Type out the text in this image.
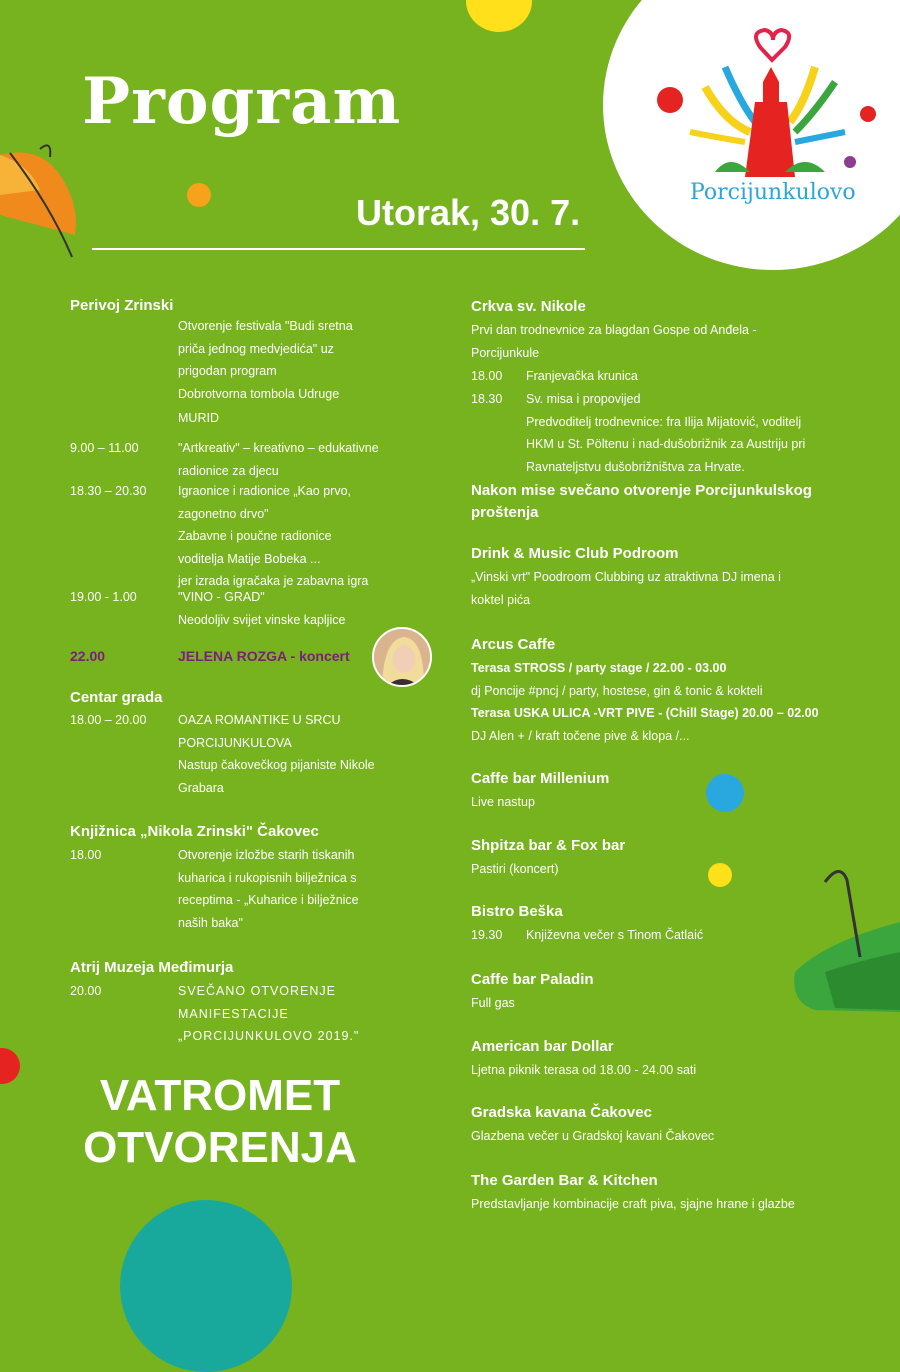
Program
Utorak, 30. 7.	Porcijunkulovo
Perivoj Zrinski
Otvorenje festivala "Budi sretna
priča jednog medvjedića" uz
prigodan program
Dobrotvorna tombola Udruge
MURID
9.00 – 11.00	"Artkreativ" – kreativno – edukativne
radionice za djecu
18.30 – 20.30	Igraonice i radionice „Kao prvo,
zagonetno drvo"
Zabavne i poučne radionice
voditelja Matije Bobeka ...
jer izrada igračaka je zabavna igra
19.00 - 1.00	"VINO - GRAD"
Neodoljiv svijet vinske kapljice
22.00	JELENA ROZGA - koncert
Centar grada
18.00 – 20.00	OAZA ROMANTIKE U SRCU
PORCIJUNKULOVA
Nastup čakovečkog pijaniste Nikole
Grabara
Knjižnica „Nikola Zrinski" Čakovec
18.00	Otvorenje izložbe starih tiskanih
kuharica i rukopisnih bilježnica s
receptima - „Kuharice i bilježnice
naših baka"
Atrij Muzeja Međimurja
20.00	SVEČANO OTVORENJE
MANIFESTACIJE
„PORCIJUNKULOVO 2019."
VATROMET
OTVORENJA
Crkva sv. Nikole
Prvi dan trodnevnice za blagdan Gospe od Anđela -
Porcijunkule
18.00 Franjevačka krunica
18.30 Sv. misa i propovijed
Predvoditelj trodnevnice: fra Ilija Mijatović, voditelj
HKM u St. Pöltenu i nad-dušobrižnik za Austriju pri
Ravnateljstvu dušobrižništva za Hrvate.
Nakon mise svečano otvorenje Porcijunkulskog
proštenja
Drink & Music Club Podroom
„Vinski vrt" Poodroom Clubbing uz atraktivna DJ imena i
koktel pića
Arcus Caffe
Terasa STROSS / party stage / 22.00 - 03.00
dj Poncije #pncj / party, hostese, gin & tonic & kokteli
Terasa USKA ULICA -VRT PIVE - (Chill Stage) 20.00 – 02.00
DJ Alen + / kraft točene pive & klopa /...
Caffe bar Millenium
Live nastup
Shpitza bar & Fox bar
Pastiri (koncert)
Bistro Beška
19.30 Književna večer s Tinom Čatlaić
Caffe bar Paladin
Full gas
American bar Dollar
Ljetna piknik terasa od 18.00 - 24.00 sati
Gradska kavana Čakovec
Glazbena večer u Gradskoj kavani Čakovec
The Garden Bar & Kitchen
Predstavljanje kombinacije craft piva, sjajne hrane i glazbe
